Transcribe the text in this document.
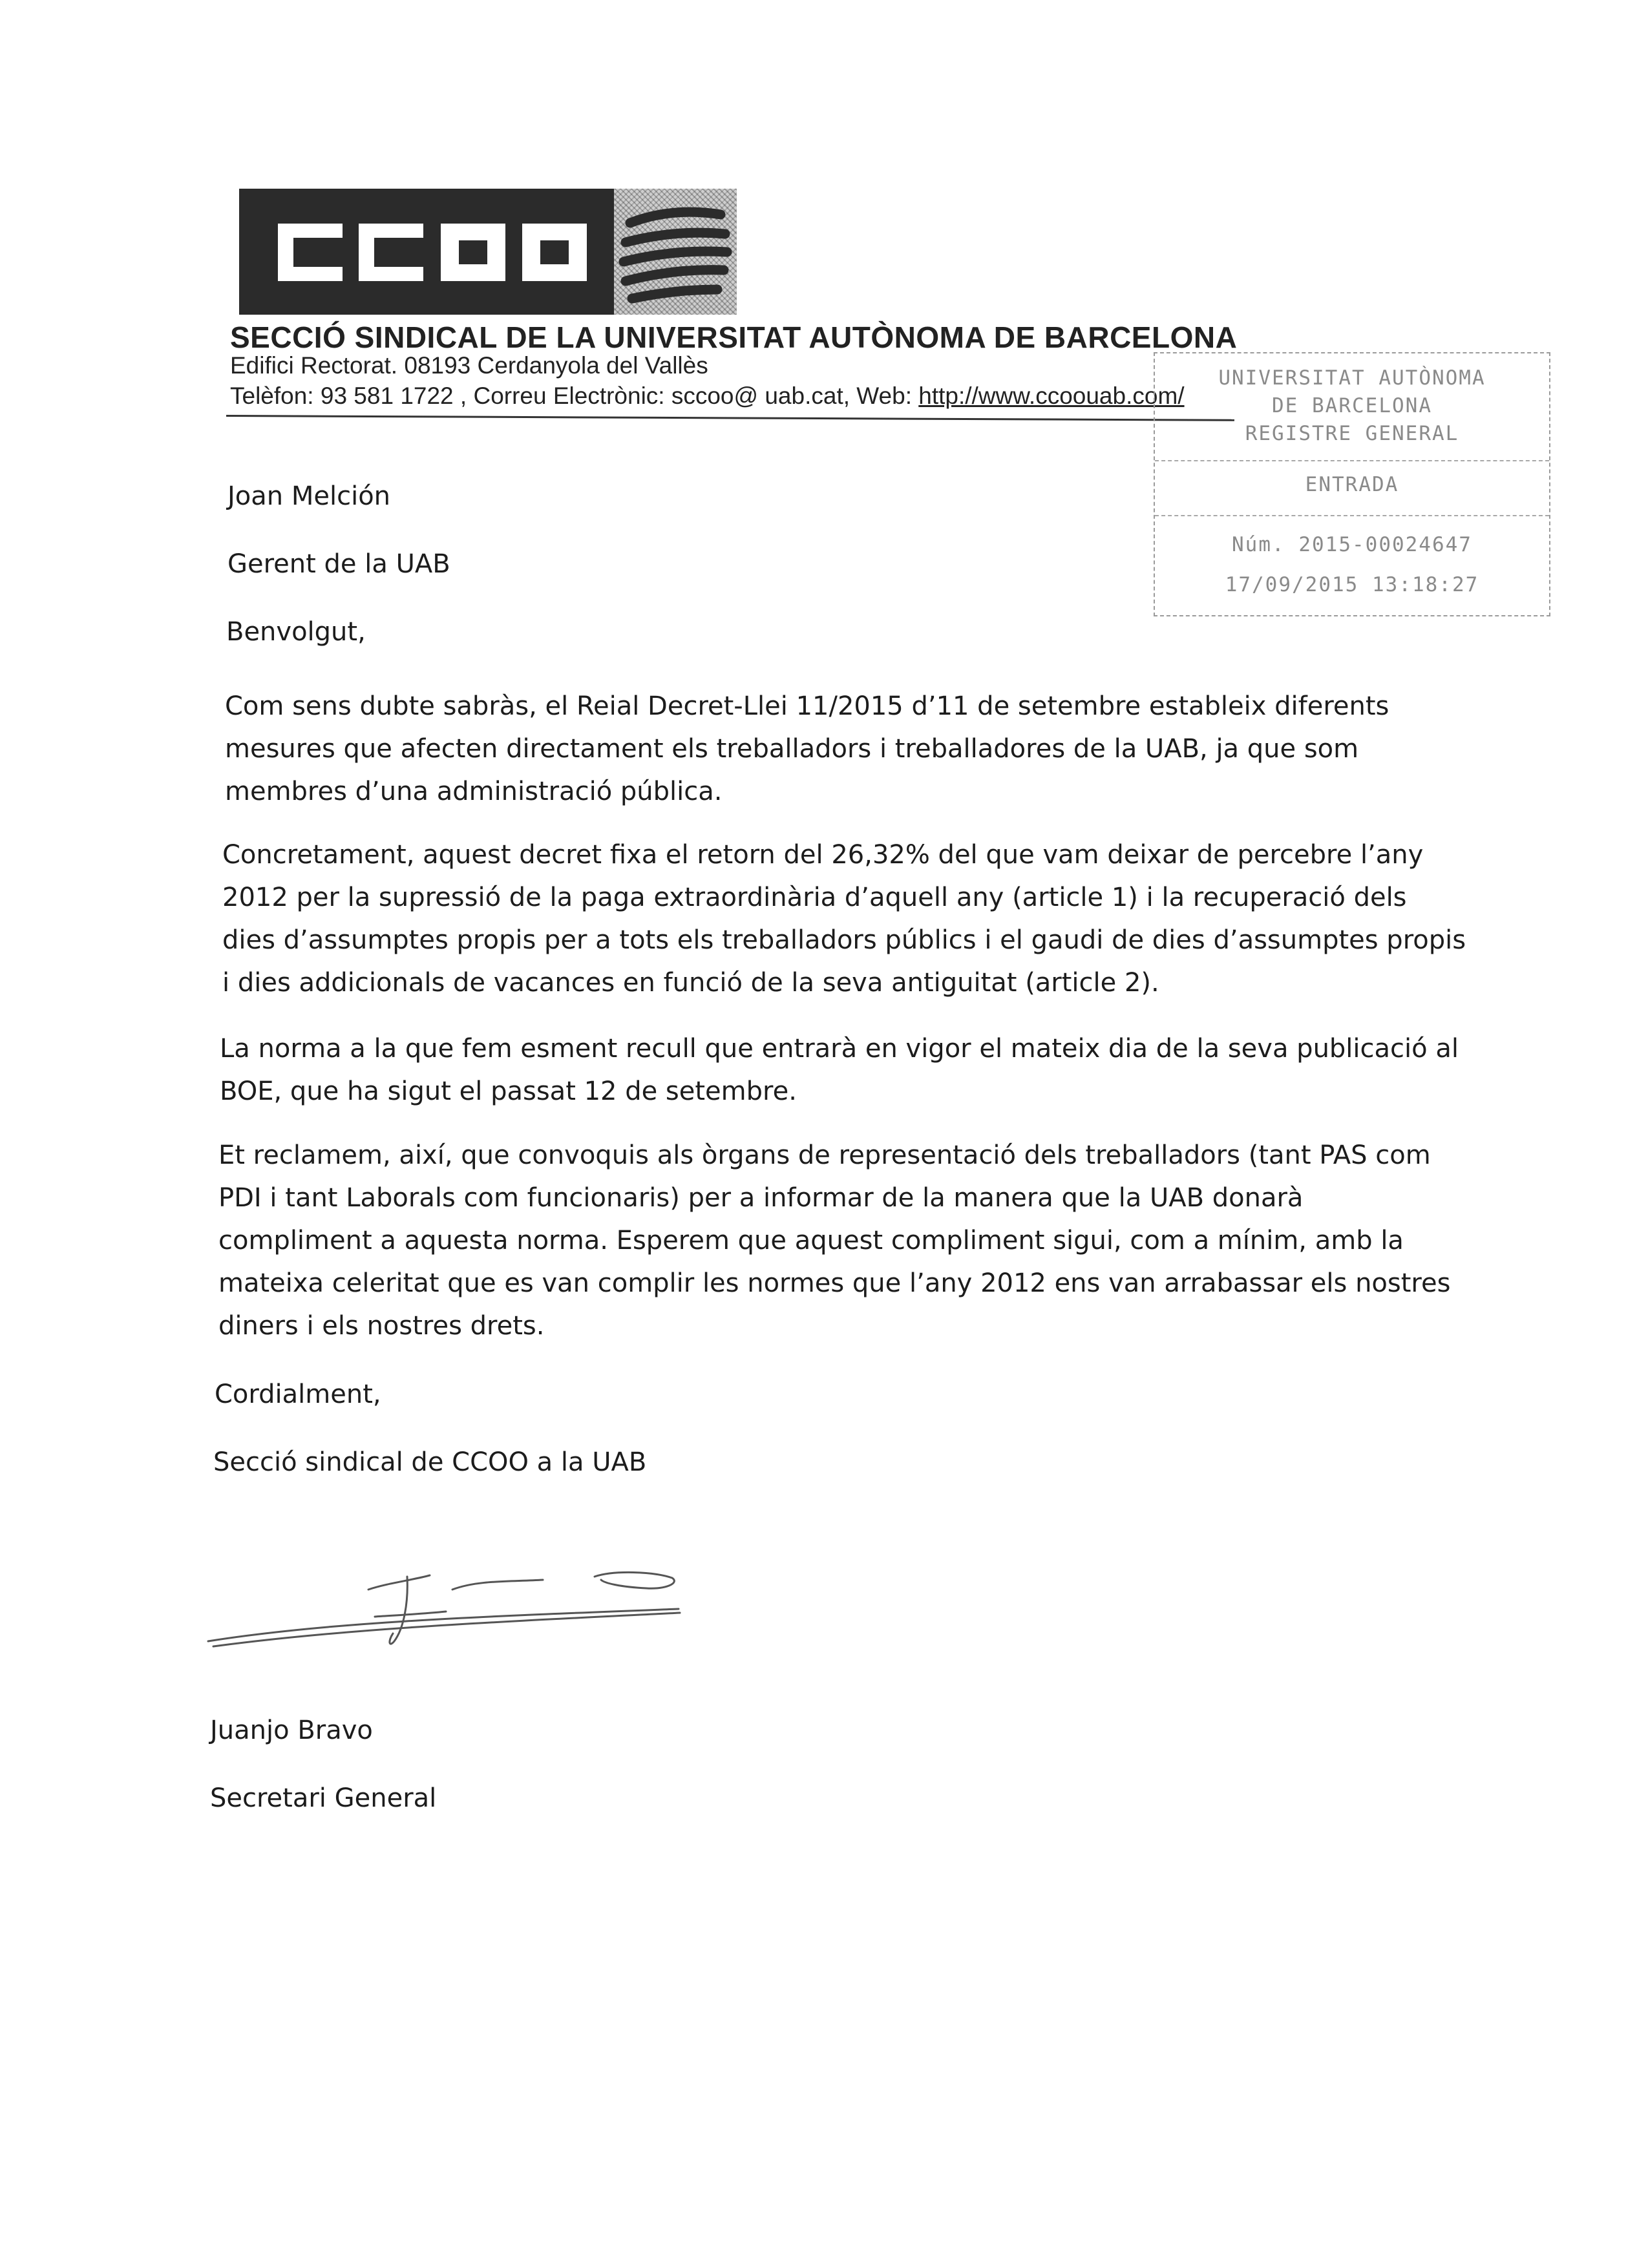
SECCIÓ SINDICAL DE LA UNIVERSITAT AUTÒNOMA DE BARCELONA
Edifici Rectorat. 08193 Cerdanyola del Vallès
Telèfon: 93 581 1722 , Correu Electrònic: sccoo@ uab.cat, Web: http://www.ccoouab.com/
UNIVERSITAT AUTÒNOMA
DE BARCELONA
REGISTRE GENERAL
ENTRADA
Núm. 2015-00024647
17/09/2015 13:18:27
Joan Melción
Gerent de la UAB
Benvolgut,
Com sens dubte sabràs, el Reial Decret-Llei 11/2015 d’11 de setembre estableix diferents
mesures que afecten directament els treballadors i treballadores de la UAB, ja que som
membres d’una administració pública.
Concretament, aquest decret fixa el retorn del 26,32% del que vam deixar de percebre l’any
2012 per la supressió de la paga extraordinària d’aquell any (article 1) i la recuperació dels
dies d’assumptes propis per a tots els treballadors públics i el gaudi de dies d’assumptes propis
i dies addicionals de vacances en funció de la seva antiguitat (article 2).
La norma a la que fem esment recull que entrarà en vigor el mateix dia de la seva publicació al
BOE, que ha sigut el passat 12 de setembre.
Et reclamem, així, que convoquis als òrgans de representació dels treballadors (tant PAS com
PDI i tant Laborals com funcionaris) per a informar de la manera que la UAB donarà
compliment a aquesta norma. Esperem que aquest compliment sigui, com a mínim, amb la
mateixa celeritat que es van complir les normes que l’any 2012 ens van arrabassar els nostres
diners i els nostres drets.
Cordialment,
Secció sindical de CCOO a la UAB
Juanjo Bravo
Secretari General
